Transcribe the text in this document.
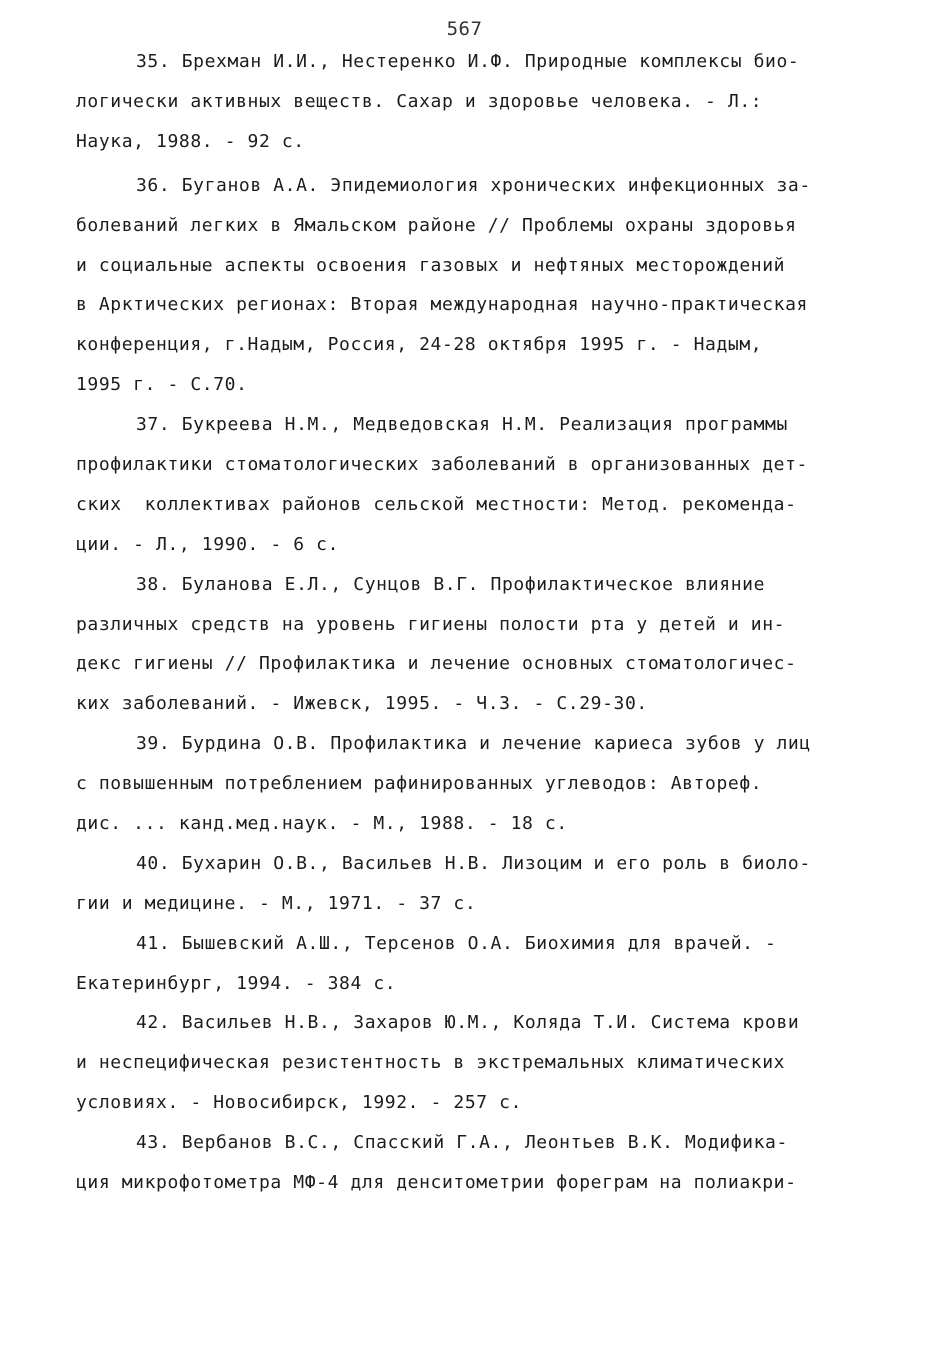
567
35. Брехман И.И., Нестеренко И.Ф. Природные комплексы био-
логически активных веществ. Сахар и здоровье человека. - Л.:
Наука, 1988. - 92 с.
36. Буганов А.А. Эпидемиология хронических инфекционных за-
болеваний легких в Ямальском районе // Проблемы охраны здоровья
и социальные аспекты освоения газовых и нефтяных месторождений
в Арктических регионах: Вторая международная научно-практическая
конференция, г.Надым, Россия, 24-28 октября 1995 г. - Надым,
1995 г. - С.70.
37. Букреева Н.М., Медведовская Н.М. Реализация программы
профилактики стоматологических заболеваний в организованных дет-
ских  коллективах районов сельской местности: Метод. рекоменда-
ции. - Л., 1990. - 6 с.
38. Буланова Е.Л., Сунцов В.Г. Профилактическое влияние
различных средств на уровень гигиены полости рта у детей и ин-
декс гигиены // Профилактика и лечение основных стоматологичес-
ких заболеваний. - Ижевск, 1995. - Ч.3. - С.29-30.
39. Бурдина О.В. Профилактика и лечение кариеса зубов у лиц
с повышенным потреблением рафинированных углеводов: Автореф.
дис. ... канд.мед.наук. - М., 1988. - 18 с.
40. Бухарин О.В., Васильев Н.В. Лизоцим и его роль в биоло-
гии и медицине. - М., 1971. - 37 с.
41. Бышевский А.Ш., Терсенов О.А. Биохимия для врачей. -
Екатеринбург, 1994. - 384 с.
42. Васильев Н.В., Захаров Ю.М., Коляда Т.И. Система крови
и неспецифическая резистентность в экстремальных климатических
условиях. - Новосибирск, 1992. - 257 с.
43. Вербанов В.С., Спасский Г.А., Леонтьев В.К. Модифика-
ция микрофотометра МФ-4 для денситометрии фореграм на полиакри-
